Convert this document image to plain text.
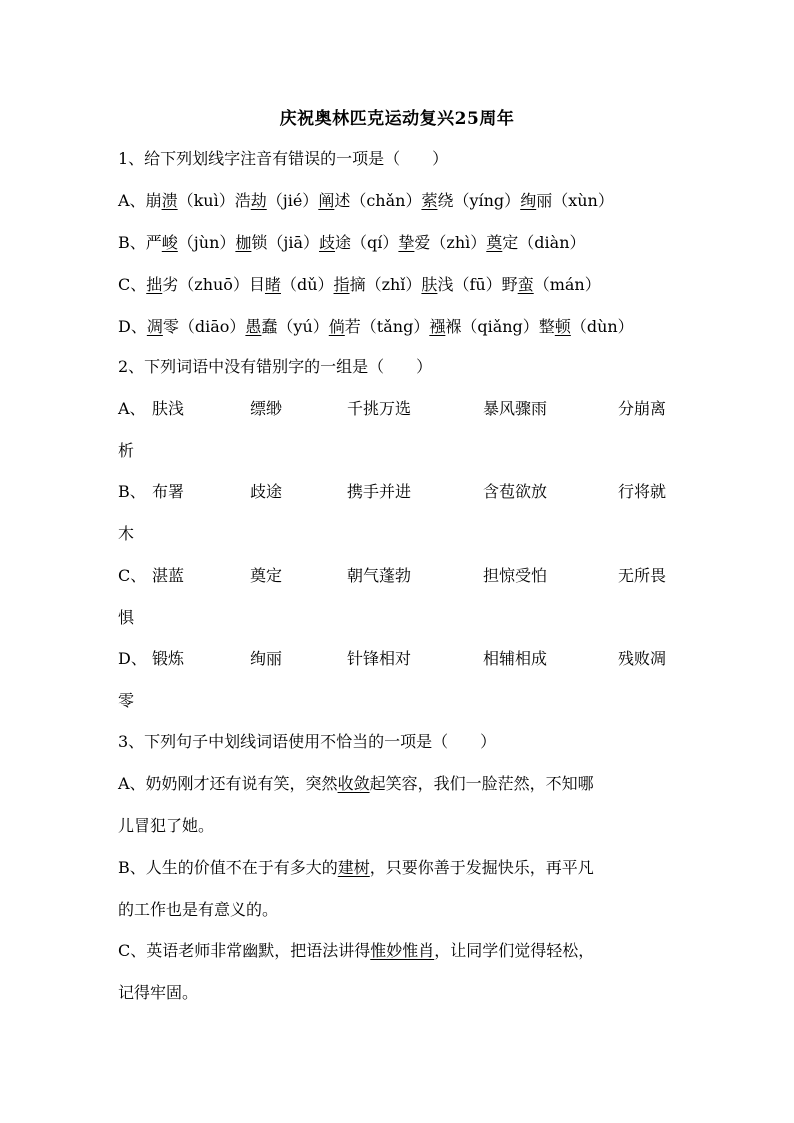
庆祝奥林匹克运动复兴25周年
1、给下列划线字注音有错误的一项是（　　）
A、崩溃（kuì）浩劫（jié）阐述（chǎn）萦绕（yíng）绚丽（xùn）
B、严峻（jùn）枷锁（jiā）歧途（qí）挚爱（zhì）奠定（diàn）
C、拙劣（zhuō）目睹（dǔ）指摘（zhǐ）肤浅（fū）野蛮（mán）
D、凋零（diāo）愚蠢（yú）倘若（tǎng）襁褓（qiǎng）整顿（dùn）
2、下列词语中没有错别字的一组是（　　）
A、 肤浅	缥缈	千挑万选	暴风骤雨	分崩离
析
B、 布署	歧途	携手并进	含苞欲放	行将就
木
C、 湛蓝	奠定	朝气蓬勃	担惊受怕	无所畏
惧
D、 锻炼	绚丽	针锋相对	相辅相成	残败凋
零
3、下列句子中划线词语使用不恰当的一项是（　　）
A、奶奶刚才还有说有笑，突然收敛起笑容，我们一脸茫然，不知哪
儿冒犯了她。
B、人生的价值不在于有多大的建树，只要你善于发掘快乐，再平凡
的工作也是有意义的。
C、英语老师非常幽默，把语法讲得惟妙惟肖，让同学们觉得轻松，
记得牢固。
